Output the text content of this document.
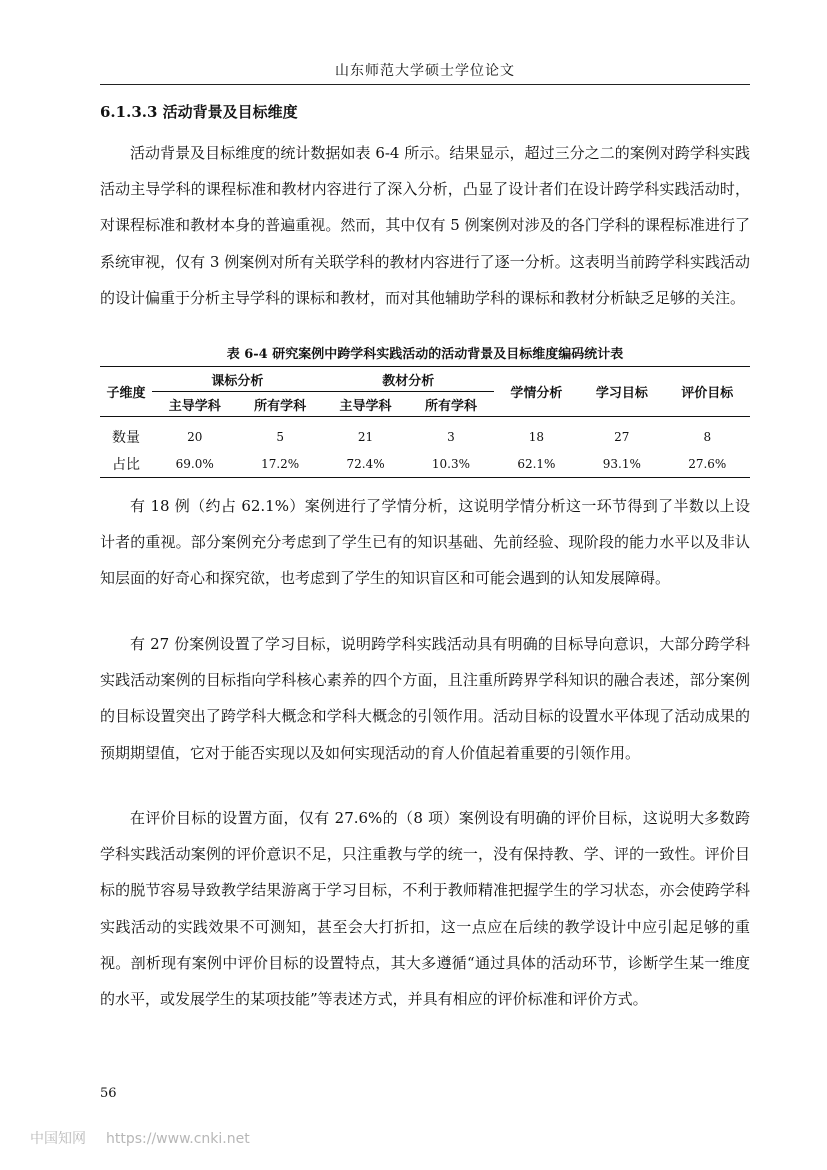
山东师范大学硕士学位论文
6.1.3.3 活动背景及目标维度

活动背景及目标维度的统计数据如表 6-4 所示。结果显示，超过三分之二的案例对跨学科实践活动主导学科的课程标准和教材内容进行了深入分析，凸显了设计者们在设计跨学科实践活动时，对课程标准和教材本身的普遍重视。然而，其中仅有 5 例案例对涉及的各门学科的课程标准进行了系统审视，仅有 3 例案例对所有关联学科的教材内容进行了逐一分析。这表明当前跨学科实践活动的设计偏重于分析主导学科的课标和教材，而对其他辅助学科的课标和教材分析缺乏足够的关注。

表 6-4 研究案例中跨学科实践活动的活动背景及目标维度编码统计表
子维度	课标分析		教材分析		学情分析	学习目标	评价目标
	主导学科	所有学科	主导学科	所有学科			
数量	20	5	21	3	18	27	8
占比	69.0%	17.2%	72.4%	10.3%	62.1%	93.1%	27.6%

有 18 例（约占 62.1%）案例进行了学情分析，这说明学情分析这一环节得到了半数以上设计者的重视。部分案例充分考虑到了学生已有的知识基础、先前经验、现阶段的能力水平以及非认知层面的好奇心和探究欲，也考虑到了学生的知识盲区和可能会遇到的认知发展障碍。

有 27 份案例设置了学习目标，说明跨学科实践活动具有明确的目标导向意识，大部分跨学科实践活动案例的目标指向学科核心素养的四个方面，且注重所跨界学科知识的融合表述，部分案例的目标设置突出了跨学科大概念和学科大概念的引领作用。活动目标的设置水平体现了活动成果的预期期望值，它对于能否实现以及如何实现活动的育人价值起着重要的引领作用。

在评价目标的设置方面，仅有 27.6%的（8 项）案例设有明确的评价目标，这说明大多数跨学科实践活动案例的评价意识不足，只注重教与学的统一，没有保持教、学、评的一致性。评价目标的脱节容易导致教学结果游离于学习目标，不利于教师精准把握学生的学习状态，亦会使跨学科实践活动的实践效果不可测知，甚至会大打折扣，这一点应在后续的教学设计中应引起足够的重视。剖析现有案例中评价目标的设置特点，其大多遵循“通过具体的活动环节，诊断学生某一维度的水平，或发展学生的某项技能”等表述方式，并具有相应的评价标准和评价方式。

56
中国知网 https://www.cnki.net
